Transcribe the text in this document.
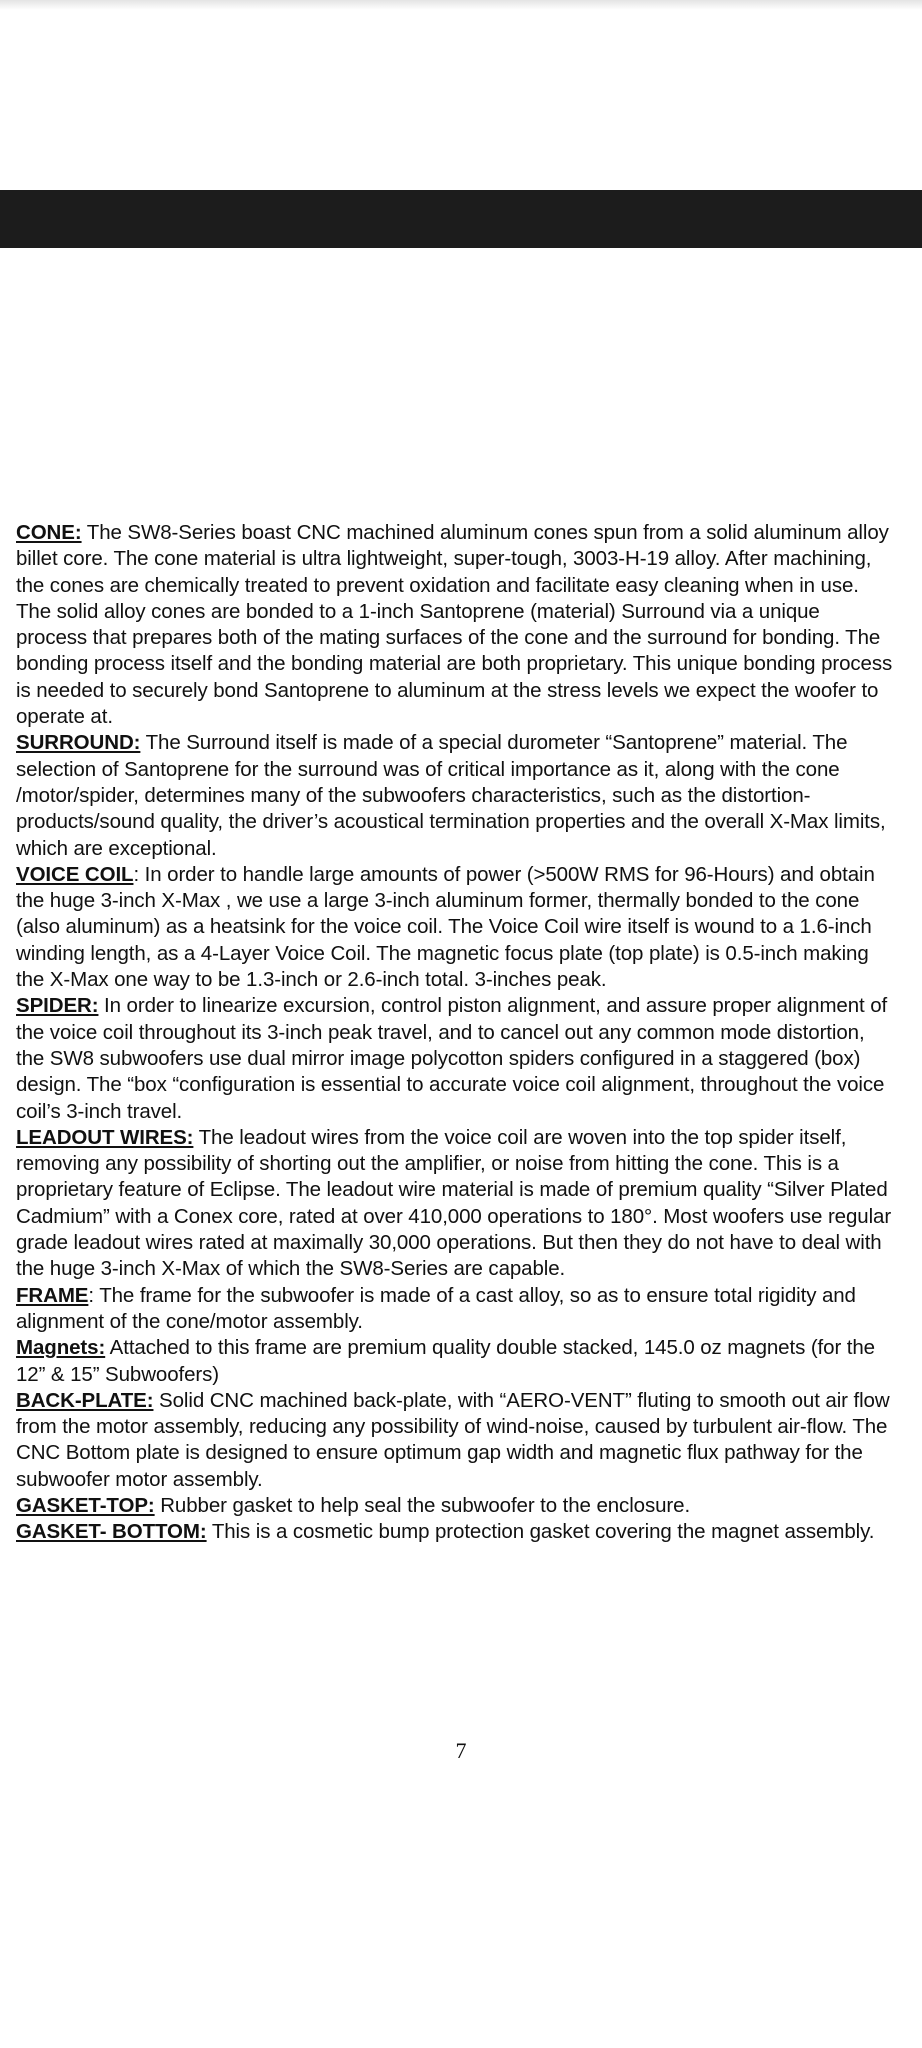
CONE: The SW8-Series boast CNC machined aluminum cones spun from a solid aluminum alloy billet core. The cone material is ultra lightweight, super-tough, 3003-H-19 alloy. After machining, the cones are chemically treated to prevent oxidation and facilitate easy cleaning when in use. The solid alloy cones are bonded to a 1-inch Santoprene (material) Surround via a unique process that prepares both of the mating surfaces of the cone and the surround for bonding. The bonding process itself and the bonding material are both proprietary. This unique bonding process is needed to securely bond Santoprene to aluminum at the stress levels we expect the woofer to operate at.

SURROUND: The Surround itself is made of a special durometer “Santoprene” material. The selection of Santoprene for the surround was of critical importance as it, along with the cone /motor/spider, determines many of the subwoofers characteristics, such as the distortion-products/sound quality, the driver’s acoustical termination properties and the overall X-Max limits, which are exceptional.

VOICE COIL: In order to handle large amounts of power (>500W RMS for 96-Hours) and obtain the huge 3-inch X-Max , we use a large 3-inch aluminum former, thermally bonded to the cone (also aluminum) as a heatsink for the voice coil. The Voice Coil wire itself is wound to a 1.6-inch winding length, as a 4-Layer Voice Coil. The magnetic focus plate (top plate) is 0.5-inch making the X-Max one way to be 1.3-inch or 2.6-inch total. 3-inches peak.

SPIDER: In order to linearize excursion, control piston alignment, and assure proper alignment of the voice coil throughout its 3-inch peak travel, and to cancel out any common mode distortion, the SW8 subwoofers use dual mirror image polycotton spiders configured in a staggered (box) design. The “box “configuration is essential to accurate voice coil alignment, throughout the voice coil’s 3-inch travel.

LEADOUT WIRES: The leadout wires from the voice coil are woven into the top spider itself, removing any possibility of shorting out the amplifier, or noise from hitting the cone. This is a proprietary feature of Eclipse. The leadout wire material is made of premium quality “Silver Plated Cadmium” with a Conex core, rated at over 410,000 operations to 180°. Most woofers use regular grade leadout wires rated at maximally 30,000 operations. But then they do not have to deal with the huge 3-inch X-Max of which the SW8-Series are capable.

FRAME: The frame for the subwoofer is made of a cast alloy, so as to ensure total rigidity and alignment of the cone/motor assembly.

Magnets: Attached to this frame are premium quality double stacked, 145.0 oz magnets (for the 12” & 15” Subwoofers)

BACK-PLATE: Solid CNC machined back-plate, with “AERO-VENT” fluting to smooth out air flow from the motor assembly, reducing any possibility of wind-noise, caused by turbulent air-flow. The CNC Bottom plate is designed to ensure optimum gap width and magnetic flux pathway for the subwoofer motor assembly.

GASKET-TOP: Rubber gasket to help seal the subwoofer to the enclosure.

GASKET- BOTTOM: This is a cosmetic bump protection gasket covering the magnet assembly.

7
